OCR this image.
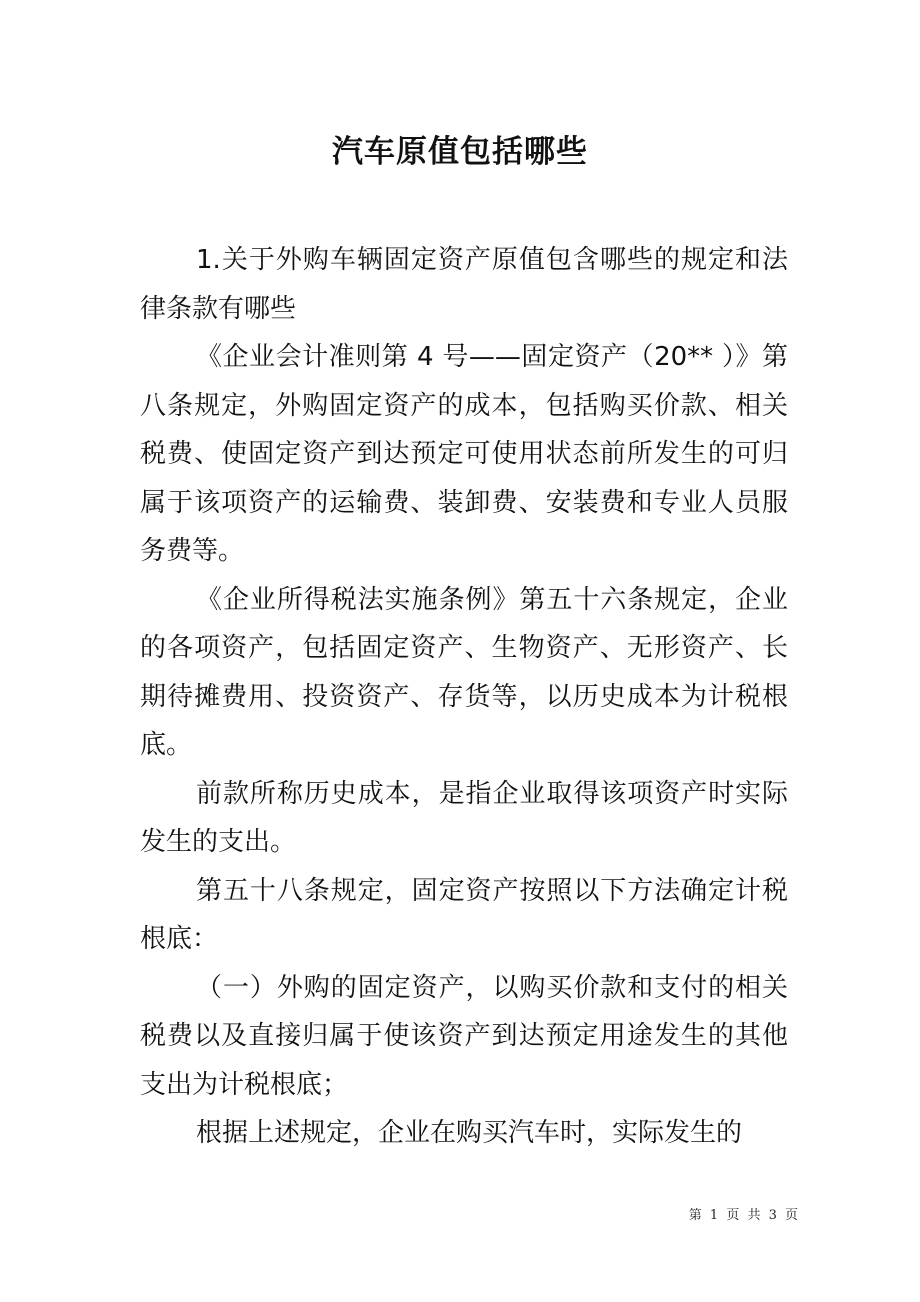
汽车原值包括哪些

1.关于外购车辆固定资产原值包含哪些的规定和法律条款有哪些

《企业会计准则第 4 号——固定资产（20** ）》第八条规定，外购固定资产的成本，包括购买价款、相关税费、使固定资产到达预定可使用状态前所发生的可归属于该项资产的运输费、装卸费、安装费和专业人员服务费等。

《企业所得税法实施条例》第五十六条规定，企业的各项资产，包括固定资产、生物资产、无形资产、长期待摊费用、投资资产、存货等，以历史成本为计税根底。

前款所称历史成本，是指企业取得该项资产时实际发生的支出。

第五十八条规定，固定资产按照以下方法确定计税根底：

（一）外购的固定资产，以购买价款和支付的相关税费以及直接归属于使该资产到达预定用途发生的其他支出为计税根底；

根据上述规定，企业在购买汽车时，实际发生的

第 1 页 共 3 页
